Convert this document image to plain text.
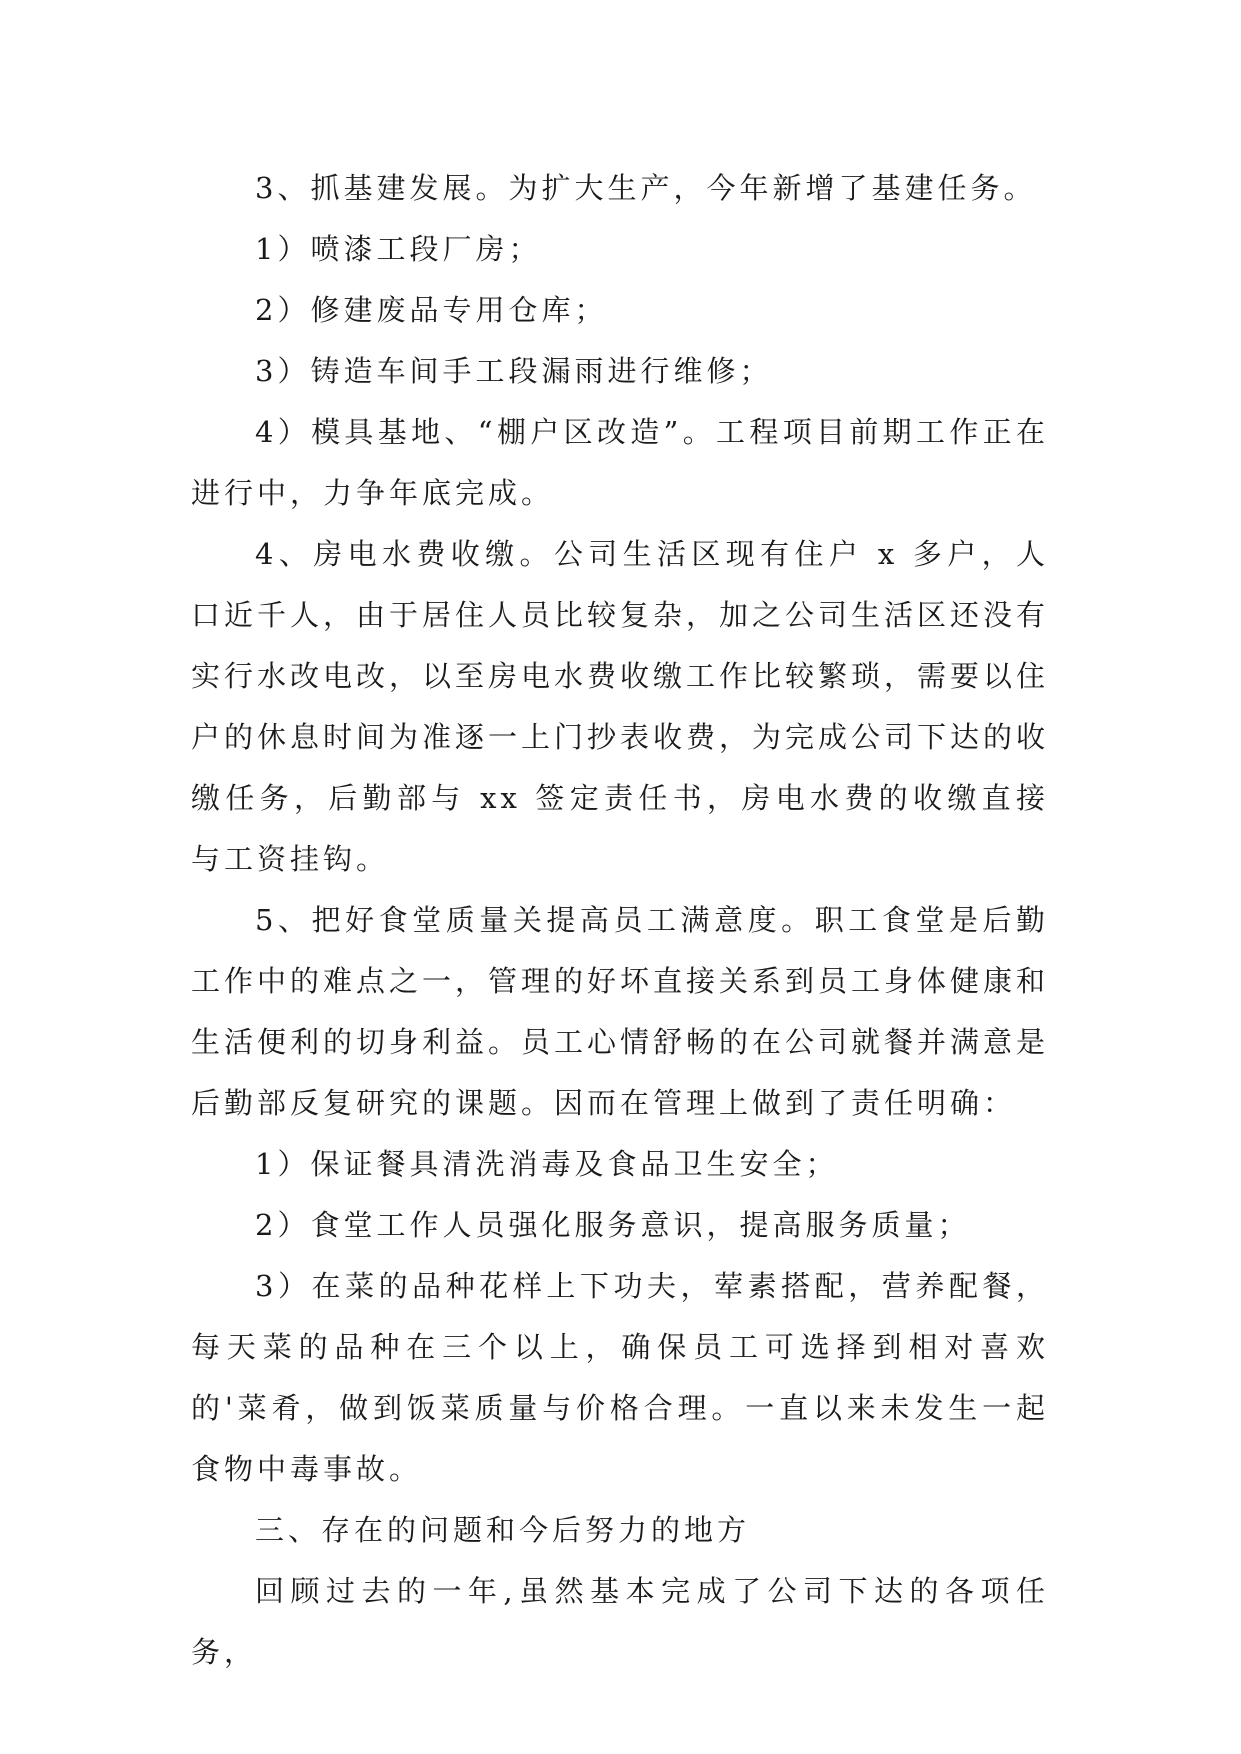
3、抓基建发展。为扩大生产，今年新增了基建任务。

1）喷漆工段厂房；

2）修建废品专用仓库；

3）铸造车间手工段漏雨进行维修；

4）模具基地、“棚户区改造”。工程项目前期工作正在进行中，力争年底完成。

4、房电水费收缴。公司生活区现有住户 x 多户，人口近千人，由于居住人员比较复杂，加之公司生活区还没有实行水改电改，以至房电水费收缴工作比较繁琐，需要以住户的休息时间为准逐一上门抄表收费，为完成公司下达的收缴任务，后勤部与 xx 签定责任书，房电水费的收缴直接与工资挂钩。

5、把好食堂质量关提高员工满意度。职工食堂是后勤工作中的难点之一，管理的好坏直接关系到员工身体健康和生活便利的切身利益。员工心情舒畅的在公司就餐并满意是后勤部反复研究的课题。因而在管理上做到了责任明确：

1）保证餐具清洗消毒及食品卫生安全；

2）食堂工作人员强化服务意识，提高服务质量；

3）在菜的品种花样上下功夫，荤素搭配，营养配餐，每天菜的品种在三个以上，确保员工可选择到相对喜欢的'菜肴，做到饭菜质量与价格合理。一直以来未发生一起食物中毒事故。

三、存在的问题和今后努力的地方

回顾过去的一年,虽然基本完成了公司下达的各项任务，
